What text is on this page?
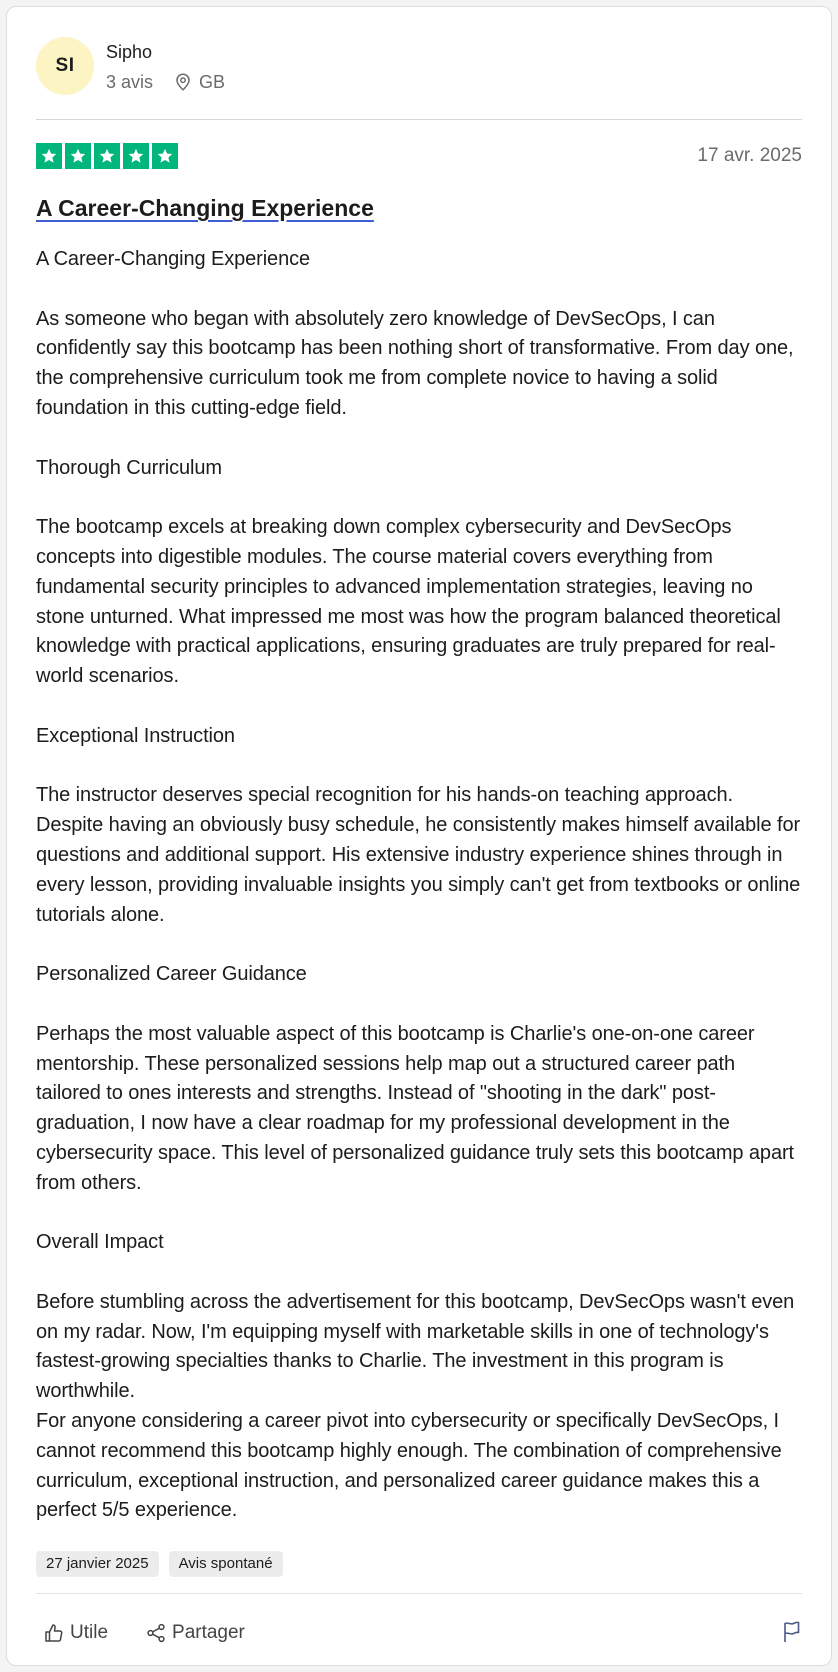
SI
Sipho
3 avis	GB
17 avr. 2025
A Career-Changing Experience
A Career-Changing Experience

As someone who began with absolutely zero knowledge of DevSecOps, I can confidently say this bootcamp has been nothing short of transformative. From day one, the comprehensive curriculum took me from complete novice to having a solid foundation in this cutting-edge field.

Thorough Curriculum

The bootcamp excels at breaking down complex cybersecurity and DevSecOps concepts into digestible modules. The course material covers everything from fundamental security principles to advanced implementation strategies, leaving no stone unturned. What impressed me most was how the program balanced theoretical knowledge with practical applications, ensuring graduates are truly prepared for real-world scenarios.

Exceptional Instruction

The instructor deserves special recognition for his hands-on teaching approach. Despite having an obviously busy schedule, he consistently makes himself available for questions and additional support. His extensive industry experience shines through in every lesson, providing invaluable insights you simply can't get from textbooks or online tutorials alone.

Personalized Career Guidance

Perhaps the most valuable aspect of this bootcamp is Charlie's one-on-one career mentorship. These personalized sessions help map out a structured career path tailored to ones interests and strengths. Instead of "shooting in the dark" post-graduation, I now have a clear roadmap for my professional development in the cybersecurity space. This level of personalized guidance truly sets this bootcamp apart from others.

Overall Impact

Before stumbling across the advertisement for this bootcamp, DevSecOps wasn't even on my radar. Now, I'm equipping myself with marketable skills in one of technology's fastest-growing specialties thanks to Charlie. The investment in this program is worthwhile.
For anyone considering a career pivot into cybersecurity or specifically DevSecOps, I cannot recommend this bootcamp highly enough. The combination of comprehensive curriculum, exceptional instruction, and personalized career guidance makes this a perfect 5/5 experience.
27 janvier 2025	Avis spontané
Utile	Partager
